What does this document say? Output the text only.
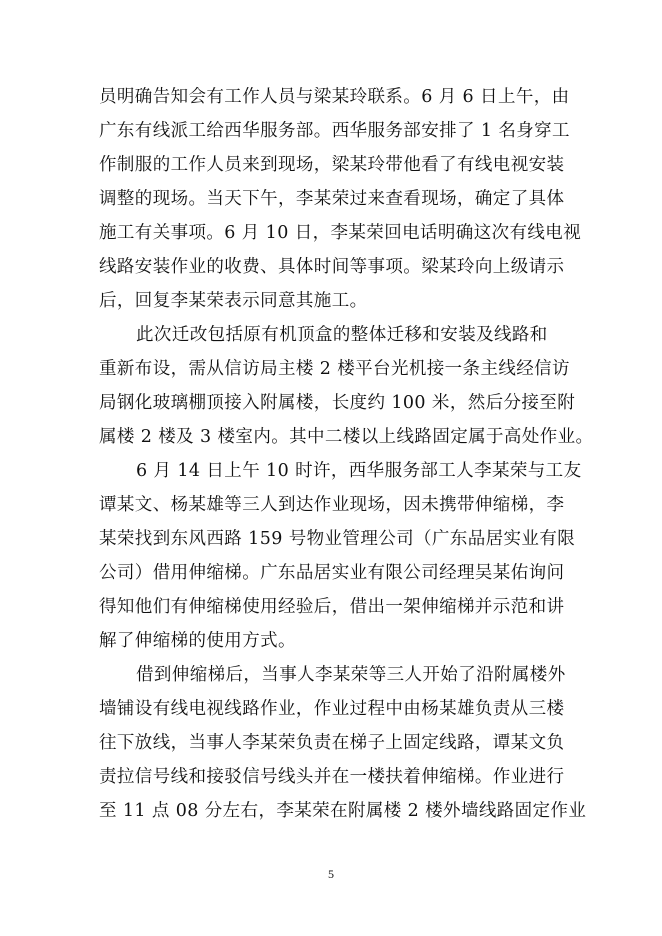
员明确告知会有工作人员与梁某玲联系。6 月 6 日上午，由
广东有线派工给西华服务部。西华服务部安排了 1 名身穿工
作制服的工作人员来到现场，梁某玲带他看了有线电视安装
调整的现场。当天下午，李某荣过来查看现场，确定了具体
施工有关事项。6 月 10 日，李某荣回电话明确这次有线电视
线路安装作业的收费、具体时间等事项。梁某玲向上级请示
后，回复李某荣表示同意其施工。
此次迁改包括原有机顶盒的整体迁移和安装及线路和
重新布设，需从信访局主楼 2 楼平台光机接一条主线经信访
局钢化玻璃棚顶接入附属楼，长度约 100 米，然后分接至附
属楼 2 楼及 3 楼室内。其中二楼以上线路固定属于高处作业。
6 月 14 日上午 10 时许，西华服务部工人李某荣与工友
谭某文、杨某雄等三人到达作业现场，因未携带伸缩梯，李
某荣找到东风西路 159 号物业管理公司（广东品居实业有限
公司）借用伸缩梯。广东品居实业有限公司经理吴某佑询问
得知他们有伸缩梯使用经验后，借出一架伸缩梯并示范和讲
解了伸缩梯的使用方式。
借到伸缩梯后，当事人李某荣等三人开始了沿附属楼外
墙铺设有线电视线路作业，作业过程中由杨某雄负责从三楼
往下放线，当事人李某荣负责在梯子上固定线路，谭某文负
责拉信号线和接驳信号线头并在一楼扶着伸缩梯。作业进行
至 11 点 08 分左右，李某荣在附属楼 2 楼外墙线路固定作业
5
